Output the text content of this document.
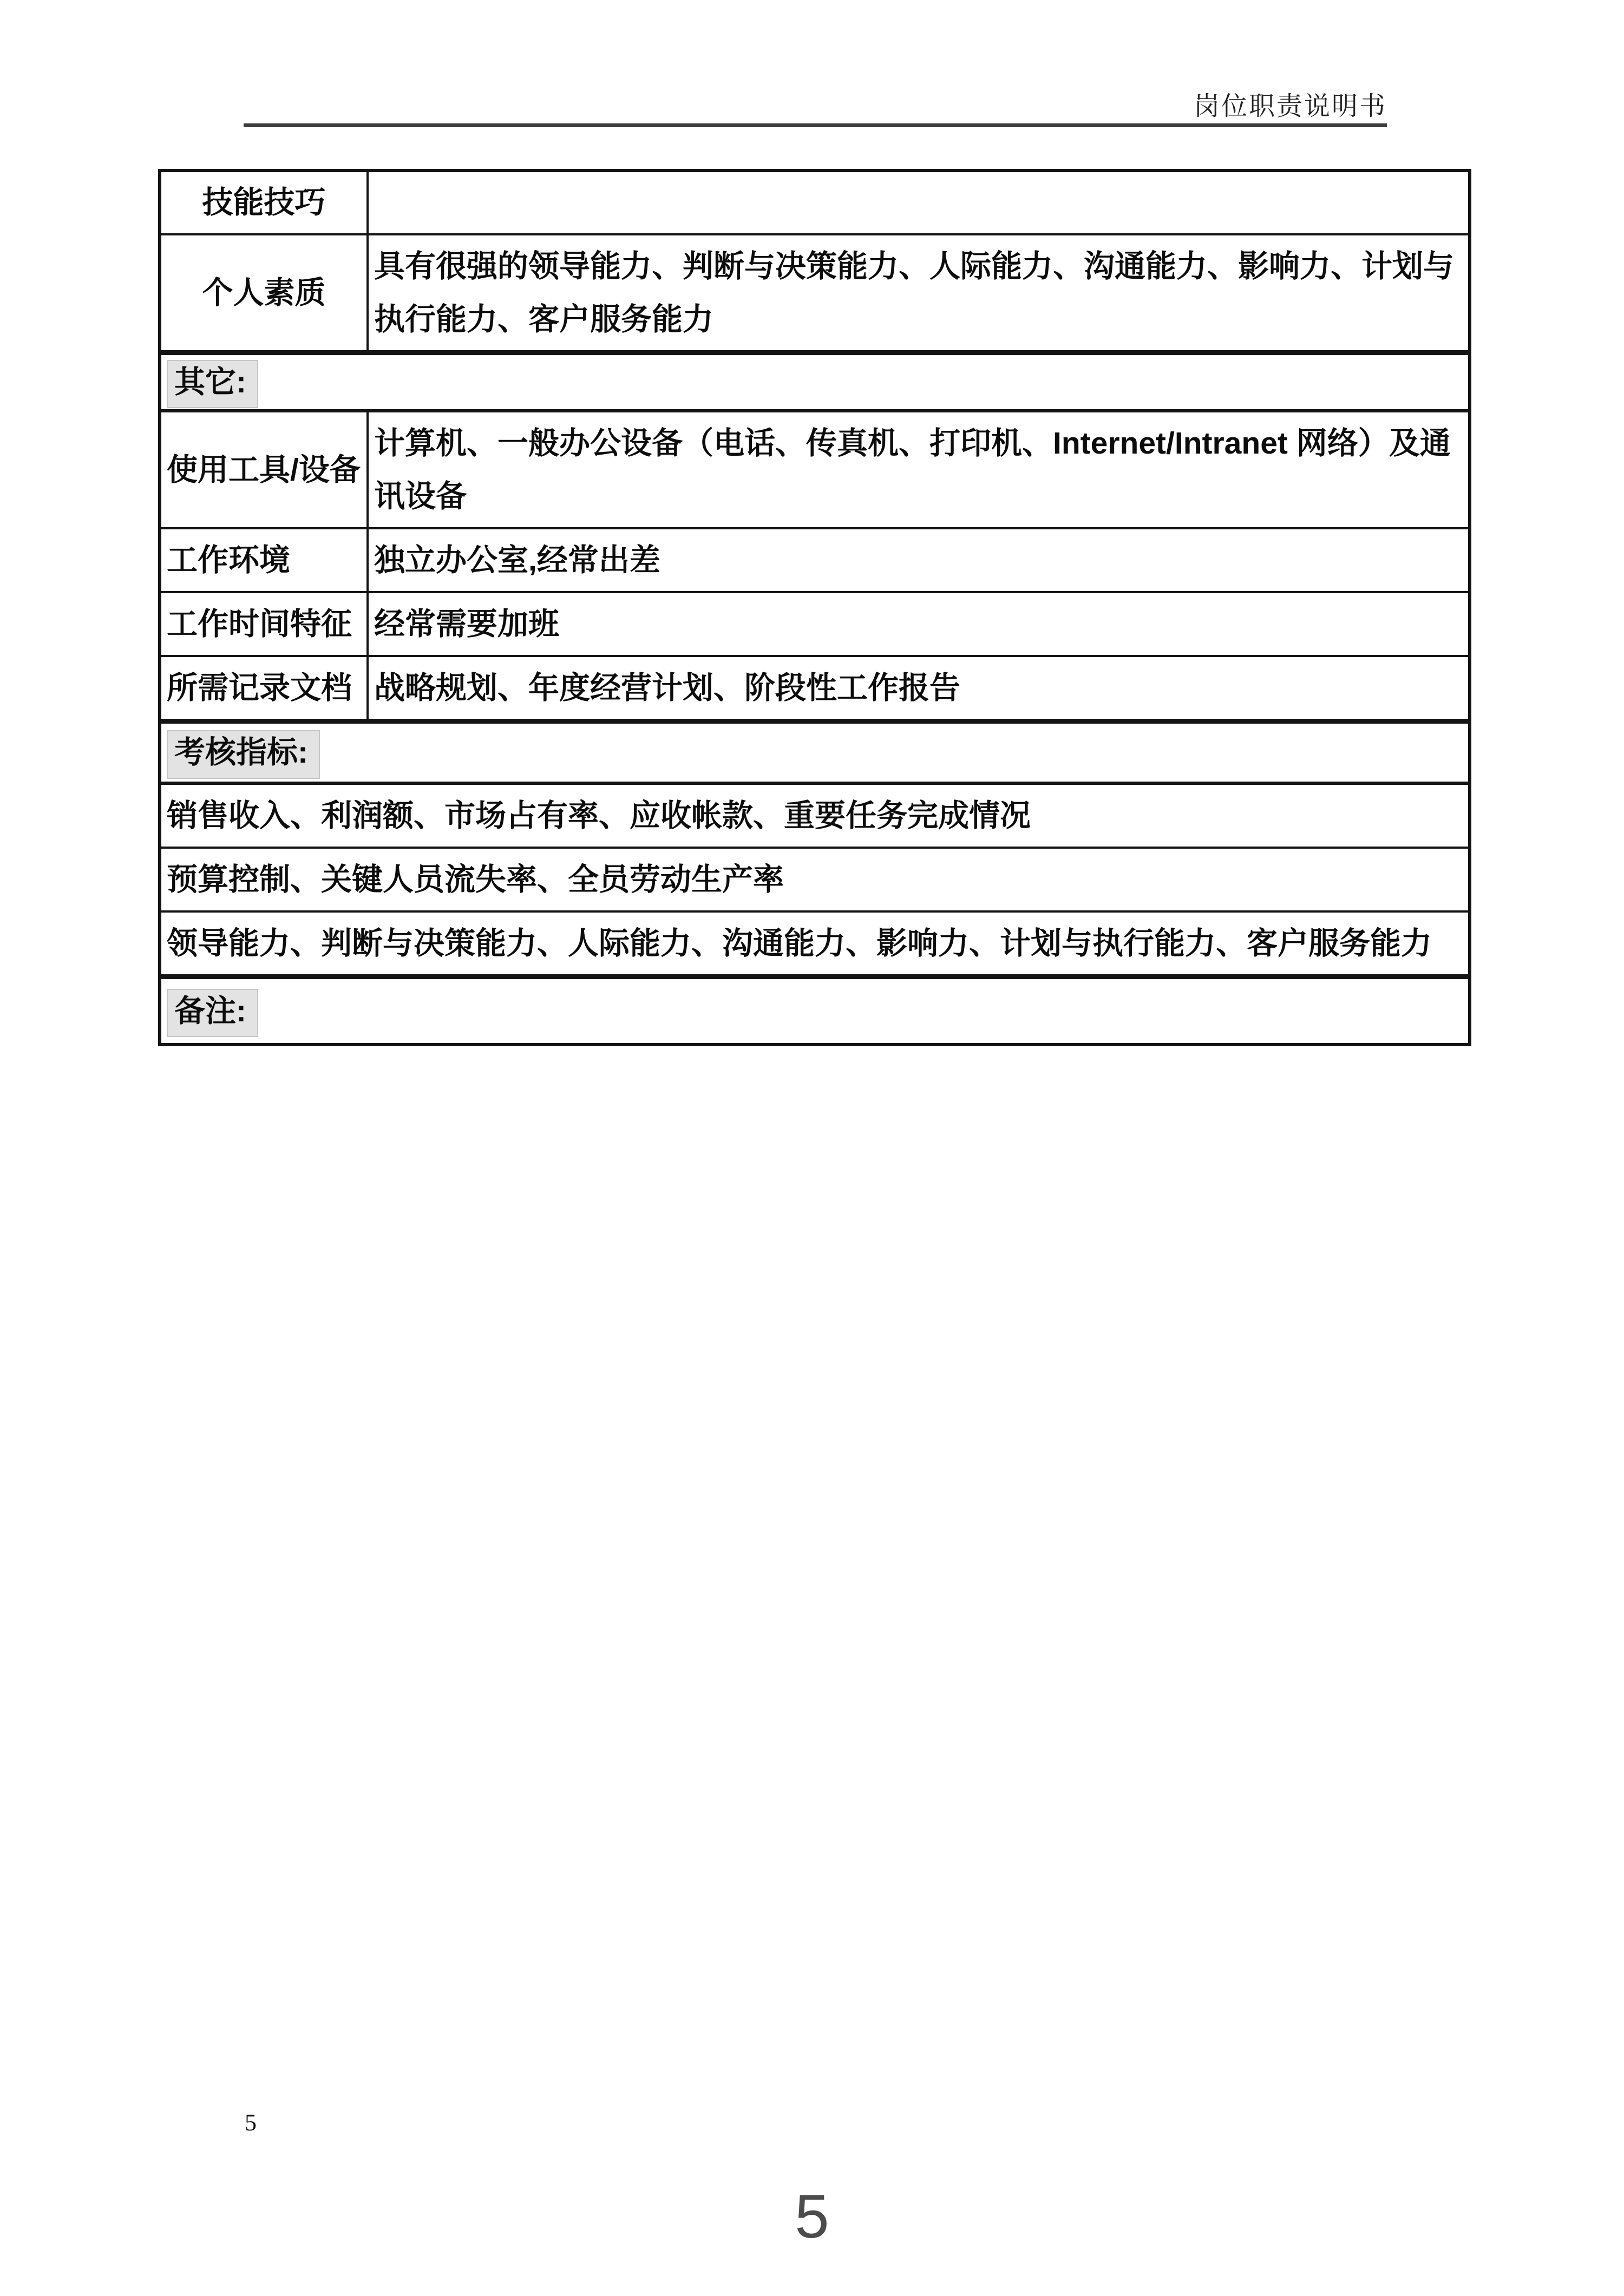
岗位职责说明书
技能技巧	
个人素质	具有很强的领导能力、判断与决策能力、人际能力、沟通能力、影响力、计划与执行能力、客户服务能力
其它:	
使用工具/设备	计算机、一般办公设备（电话、传真机、打印机、Internet/Intranet 网络）及通讯设备
工作环境	独立办公室,经常出差
工作时间特征	经常需要加班
所需记录文档	战略规划、年度经营计划、阶段性工作报告
考核指标:	
销售收入、利润额、市场占有率、应收帐款、重要任务完成情况	
预算控制、关键人员流失率、全员劳动生产率	
领导能力、判断与决策能力、人际能力、沟通能力、影响力、计划与执行能力、客户服务能力	
备注:	
5
5
